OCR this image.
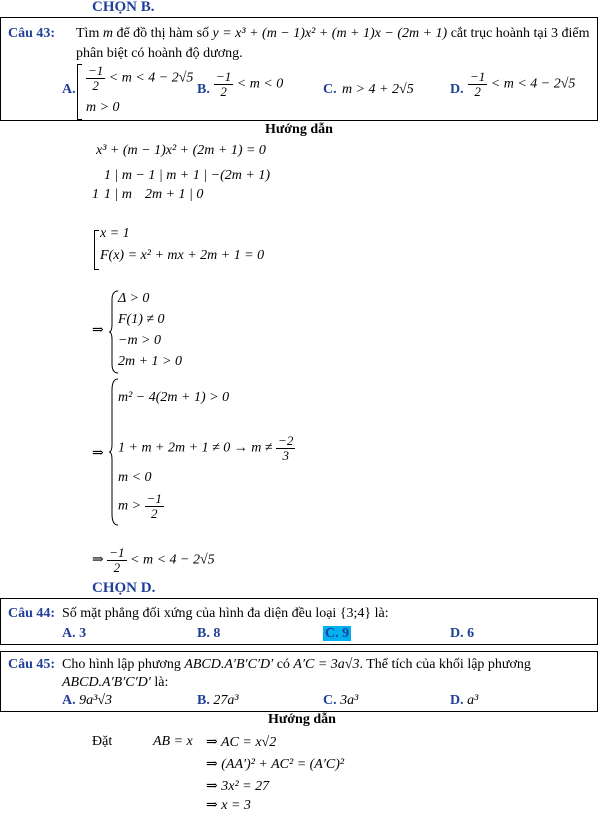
CHỌN B.
Câu 43: Tìm m để đồ thị hàm số y = x³ + (m − 1)x² + (m + 1)x − (2m + 1) cắt trục hoành tại 3 điểm
phân biệt có hoành độ dương.
A. $\frac{-1}{2} < m < 4 - 2√5$
m > 0
B. $\frac{-1}{2} < m < 0$	C. m > 4 + 2√5	D. $\frac{-1}{2} < m < 4 - 2√5$
Hướng dẫn
x³ + (m − 1)x² + (2m + 1) = 0
1 | m − 1 | m + 1 | −(2m + 1)
1 1 | m 2m + 1 | 0
x = 1
F(x) = x² + mx + 2m + 1 = 0
⇒
Δ > 0
F(1) ≠ 0
−m > 0
2m + 1 > 0
⇒
m² − 4(2m + 1) > 0
$1 + m + 2m + 1 \ne 0 \to m \ne \frac{-2}{3}$
m < 0
$m > \frac{-1}{2}$
⇒ $\frac{-1}{2} < m < 4 - 2√5$
CHỌN D.
Câu 44: Số mặt phẳng đối xứng của hình đa diện đều loại {3;4} là:
A. 3	B. 8	C. 9	D. 6
Câu 45: Cho hình lập phương ABCD.A′B′C′D′ có A′C = 3a√3. Thể tích của khối lập phương
ABCD.A′B′C′D′ là:
A. 9a³√3	B. 27a³	C. 3a³	D. a³
Hướng dẫn
Đặt	AB = x ⇒ AC = x√2
⇒ (AA′)² + AC² = (A′C)²
⇒ 3x² = 27
⇒ x = 3
